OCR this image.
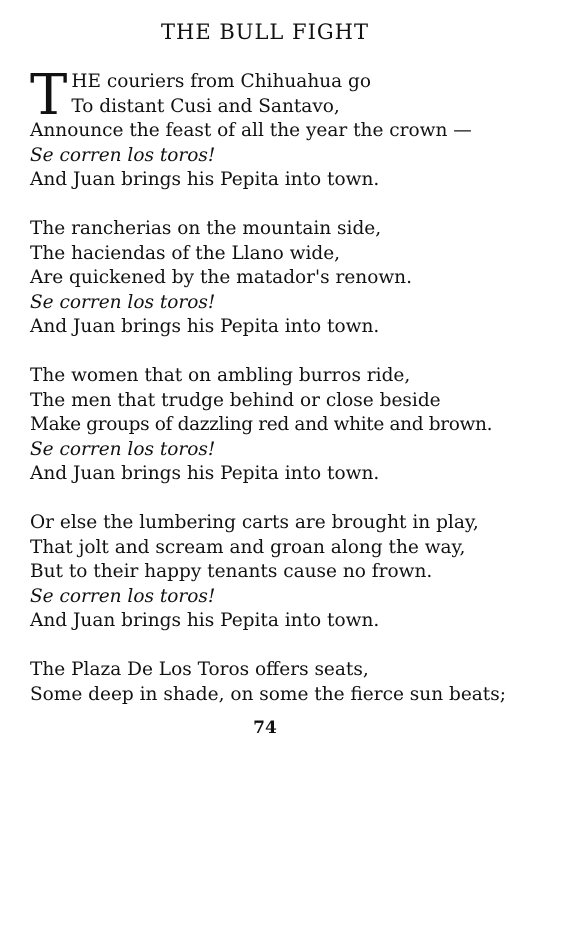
THE BULL FIGHT
T HE couriers from Chihuahua go
To distant Cusi and Santavo,
Announce the feast of all the year the crown —
Se corren los toros!
And Juan brings his Pepita into town.
The rancherias on the mountain side,
The haciendas of the Llano wide,
Are quickened by the matador's renown.
Se corren los toros!
And Juan brings his Pepita into town.
The women that on ambling burros ride,
The men that trudge behind or close beside
Make groups of dazzling red and white and brown.
Se corren los toros!
And Juan brings his Pepita into town.
Or else the lumbering carts are brought in play,
That jolt and scream and groan along the way,
But to their happy tenants cause no frown.
Se corren los toros!
And Juan brings his Pepita into town.
The Plaza De Los Toros offers seats,
Some deep in shade, on some the fierce sun beats;
74
